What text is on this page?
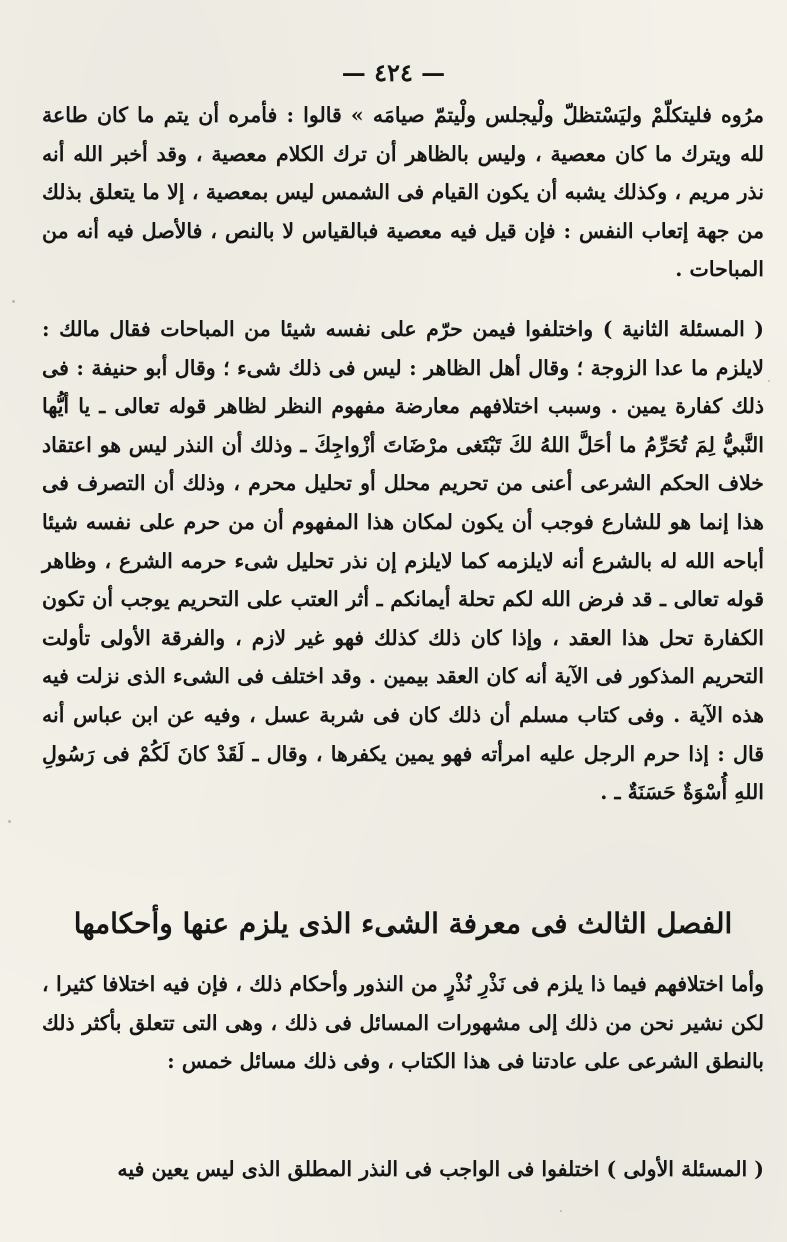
— ٤٢٤ —

مرُوه فليتكلّمْ وليَسْتظلّ ولْيجلس ولْيتمّ صيامَه » قالوا : فأمره أن يتم ما كان طاعة لله ويترك ما كان معصية ، وليس بالظاهر أن ترك الكلام معصية ، وقد أخبر الله أنه نذر مريم ، وكذلك يشبه أن يكون القيام فى الشمس ليس بمعصية ، إلا ما يتعلق بذلك من جهة إتعاب النفس : فإن قيل فيه معصية فبالقياس لا بالنص ، فالأصل فيه أنه من المباحات .

( المسئلة الثانية ) واختلفوا فيمن حرّم على نفسه شيئا من المباحات فقال مالك : لايلزم ما عدا الزوجة ؛ وقال أهل الظاهر : ليس فى ذلك شىء ؛ وقال أبو حنيفة : فى ذلك كفارة يمين . وسبب اختلافهم معارضة مفهوم النظر لظاهر قوله تعالى ـ يا أيُّها النَّبيُّ لِمَ تُحَرِّمُ ما أحَلَّ اللهُ لكَ تَبْتَغى مرْضَاتَ أزْواجِكَ ـ وذلك أن النذر ليس هو اعتقاد خلاف الحكم الشرعى أعنى من تحريم محلل أو تحليل محرم ، وذلك أن التصرف فى هذا إنما هو للشارع فوجب أن يكون لمكان هذا المفهوم أن من حرم على نفسه شيئا أباحه الله له بالشرع أنه لايلزمه كما لايلزم إن نذر تحليل شىء حرمه الشرع ، وظاهر قوله تعالى ـ قد فرض الله لكم تحلة أيمانكم ـ أثر العتب على التحريم يوجب أن تكون الكفارة تحل هذا العقد ، وإذا كان ذلك كذلك فهو غير لازم ، والفرقة الأولى تأولت التحريم المذكور فى الآية أنه كان العقد بيمين . وقد اختلف فى الشىء الذى نزلت فيه هذه الآية . وفى كتاب مسلم أن ذلك كان فى شربة عسل ، وفيه عن ابن عباس أنه قال : إذا حرم الرجل عليه امرأته فهو يمين يكفرها ، وقال ـ لَقَدْ كانَ لَكُمْ فى رَسُولِ اللهِ أُسْوَةٌ حَسَنَةٌ ـ .

الفصل الثالث فى معرفة الشىء الذى يلزم عنها وأحكامها

وأما اختلافهم فيما ذا يلزم فى نَذْرِ نُذْرٍ من النذور وأحكام ذلك ، فإن فيه اختلافا كثيرا ، لكن نشير نحن من ذلك إلى مشهورات المسائل فى ذلك ، وهى التى تتعلق بأكثر ذلك بالنطق الشرعى على عادتنا فى هذا الكتاب ، وفى ذلك مسائل خمس :

( المسئلة الأولى ) اختلفوا فى الواجب فى النذر المطلق الذى ليس يعين فيه
